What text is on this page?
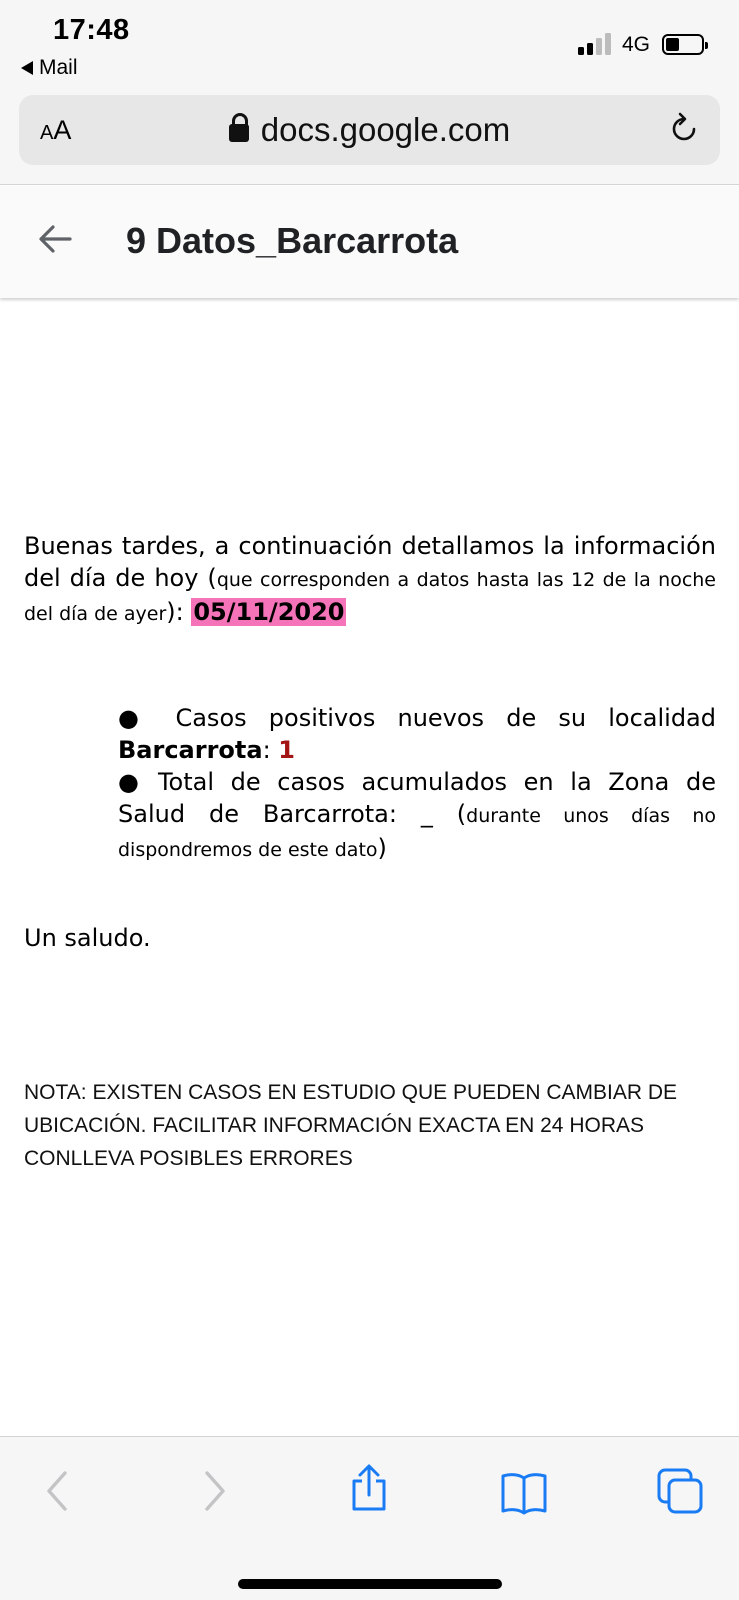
17:48
Mail
4G
AA	docs.google.com
9 Datos_Barcarrota

Buenas tardes, a continuación detallamos la información del día de hoy (que corresponden a datos hasta las 12 de la noche del día de ayer): 05/11/2020

● Casos positivos nuevos de su localidad
Barcarrota: 1
● Total de casos acumulados en la Zona de Salud de Barcarrota: _ (durante unos días no dispondremos de este dato)

Un saludo.

NOTA: EXISTEN CASOS EN ESTUDIO QUE PUEDEN CAMBIAR DE UBICACIÓN. FACILITAR INFORMACIÓN EXACTA EN 24 HORAS CONLLEVA POSIBLES ERRORES
